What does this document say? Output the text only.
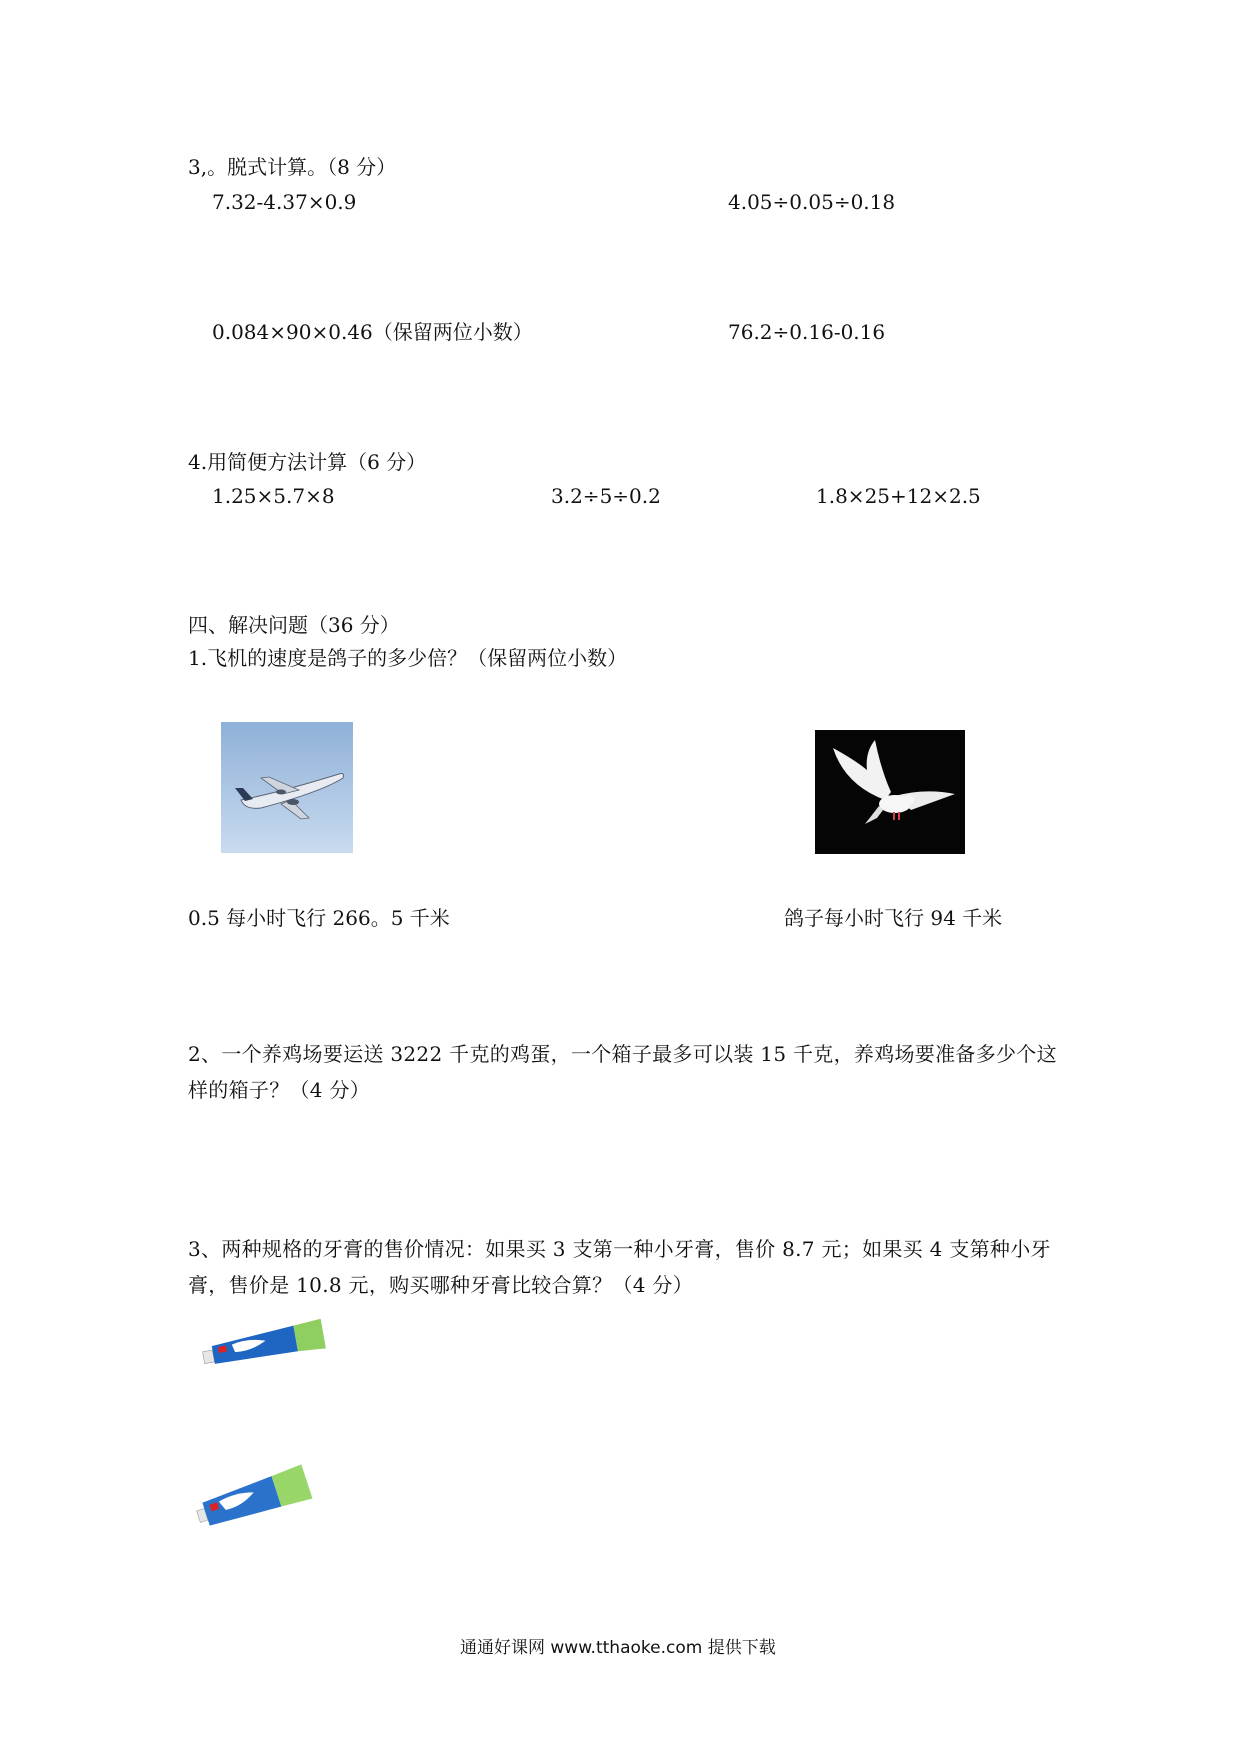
3,。脱式计算。（8 分）
7.32-4.37×0.9	4.05÷0.05÷0.18
0.084×90×0.46（保留两位小数）	76.2÷0.16-0.16
4.用简便方法计算（6 分）
1.25×5.7×8	3.2÷5÷0.2	1.8×25+12×2.5
四、解决问题（36 分）
1.飞机的速度是鸽子的多少倍？（保留两位小数）
0.5 每小时飞行 266。5 千米	鸽子每小时飞行 94 千米
2、一个养鸡场要运送 3222 千克的鸡蛋，一个箱子最多可以装 15 千克，养鸡场要准备多少个这样的箱子？（4 分）
3、两种规格的牙膏的售价情况：如果买 3 支第一种小牙膏，售价 8.7 元；如果买 4 支第种小牙膏，售价是 10.8 元，购买哪种牙膏比较合算？（4 分）
通通好课网 www.tthaoke.com 提供下载
